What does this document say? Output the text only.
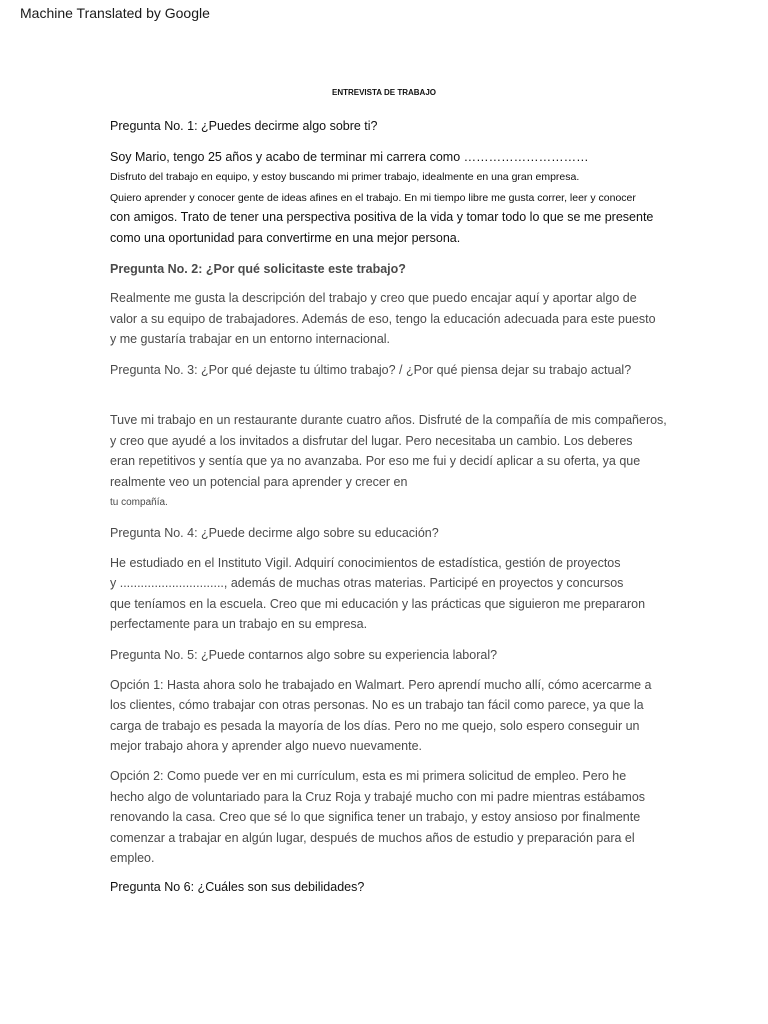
Machine Translated by Google
ENTREVISTA DE TRABAJO
Pregunta No. 1: ¿Puedes decirme algo sobre ti?
Soy Mario, tengo 25 años y acabo de terminar mi carrera como …………………………
Disfruto del trabajo en equipo, y estoy buscando mi primer trabajo, idealmente en una gran empresa.
Quiero aprender y conocer gente de ideas afines en el trabajo. En mi tiempo libre me gusta correr, leer y conocer
con amigos. Trato de tener una perspectiva positiva de la vida y tomar todo lo que se me presente
como una oportunidad para convertirme en una mejor persona.
Pregunta No. 2: ¿Por qué solicitaste este trabajo?
Realmente me gusta la descripción del trabajo y creo que puedo encajar aquí y aportar algo de
valor a su equipo de trabajadores. Además de eso, tengo la educación adecuada para este puesto
y me gustaría trabajar en un entorno internacional.
Pregunta No. 3: ¿Por qué dejaste tu último trabajo? / ¿Por qué piensa dejar su trabajo actual?
Tuve mi trabajo en un restaurante durante cuatro años. Disfruté de la compañía de mis compañeros,
y creo que ayudé a los invitados a disfrutar del lugar. Pero necesitaba un cambio. Los deberes
eran repetitivos y sentía que ya no avanzaba. Por eso me fui y decidí aplicar a su oferta, ya que
realmente veo un potencial para aprender y crecer en
tu compañía.
Pregunta No. 4: ¿Puede decirme algo sobre su educación?
He estudiado en el Instituto Vigil. Adquirí conocimientos de estadística, gestión de proyectos
y .............................., además de muchas otras materias. Participé en proyectos y concursos
que teníamos en la escuela. Creo que mi educación y las prácticas que siguieron me prepararon
perfectamente para un trabajo en su empresa.
Pregunta No. 5: ¿Puede contarnos algo sobre su experiencia laboral?
Opción 1: Hasta ahora solo he trabajado en Walmart. Pero aprendí mucho allí, cómo acercarme a
los clientes, cómo trabajar con otras personas. No es un trabajo tan fácil como parece, ya que la
carga de trabajo es pesada la mayoría de los días. Pero no me quejo, solo espero conseguir un
mejor trabajo ahora y aprender algo nuevo nuevamente.
Opción 2: Como puede ver en mi currículum, esta es mi primera solicitud de empleo. Pero he
hecho algo de voluntariado para la Cruz Roja y trabajé mucho con mi padre mientras estábamos
renovando la casa. Creo que sé lo que significa tener un trabajo, y estoy ansioso por finalmente
comenzar a trabajar en algún lugar, después de muchos años de estudio y preparación para el
empleo.
Pregunta No 6: ¿Cuáles son sus debilidades?
